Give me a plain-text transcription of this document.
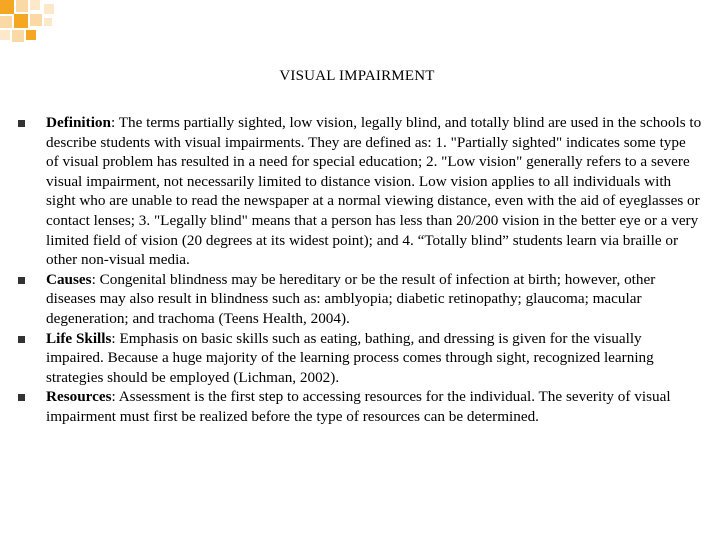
VISUAL IMPAIRMENT
Definition: The terms partially sighted, low vision, legally blind, and totally blind are used in the schools to describe students with visual impairments. They are defined as: 1. "Partially sighted" indicates some type of visual problem has resulted in a need for special education; 2. "Low vision" generally refers to a severe visual impairment, not necessarily limited to distance vision. Low vision applies to all individuals with sight who are unable to read the newspaper at a normal viewing distance, even with the aid of eyeglasses or contact lenses; 3. "Legally blind" means that a person has less than 20/200 vision in the better eye or a very limited field of vision (20 degrees at its widest point); and 4. “Totally blind” students learn via braille or other non-visual media.
Causes: Congenital blindness may be hereditary or be the result of infection at birth; however, other diseases may also result in blindness such as: amblyopia; diabetic retinopathy; glaucoma; macular degeneration; and trachoma (Teens Health, 2004).
Life Skills: Emphasis on basic skills such as eating, bathing, and dressing is given for the visually impaired. Because a huge majority of the learning process comes through sight, recognized learning strategies should be employed (Lichman, 2002).
Resources: Assessment is the first step to accessing resources for the individual. The severity of visual impairment must first be realized before the type of resources can be determined.
